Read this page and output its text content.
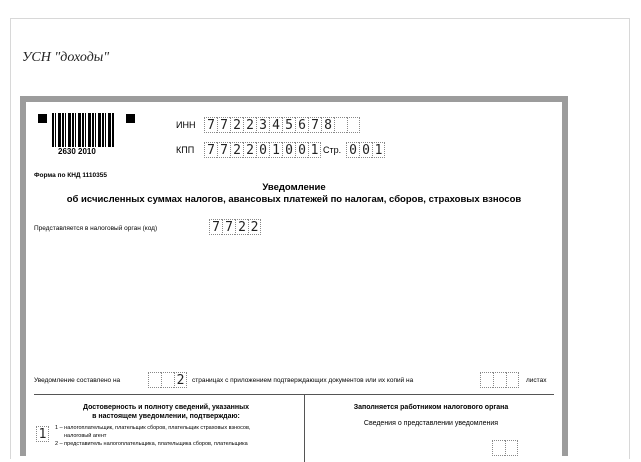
УСН "доходы"
2630 2010
ИНН 7 7 2 2 3 4 5 6 7 8
КПП 7 7 2 2 0 1 0 0 1 Стр. 0 0 1
Форма по КНД 1110355
Уведомление
об исчисленных суммах налогов, авансовых платежей по налогам, сборов, страховых взносов
Представляется в налоговый орган (код)	7 7 2 2
Уведомление составлено на	2	страницах с приложением подтверждающих документов или их копий на	листах
Достоверность и полноту сведений, указанных
в настоящем уведомлении, подтверждаю:
1	1 – налогоплательщик, плательщик сборов, плательщик страховых взносов,
налоговый агент
2 – представитель налогоплательщика, плательщика сборов, плательщика
Заполняется работником налогового органа
Сведения о представлении уведомления
